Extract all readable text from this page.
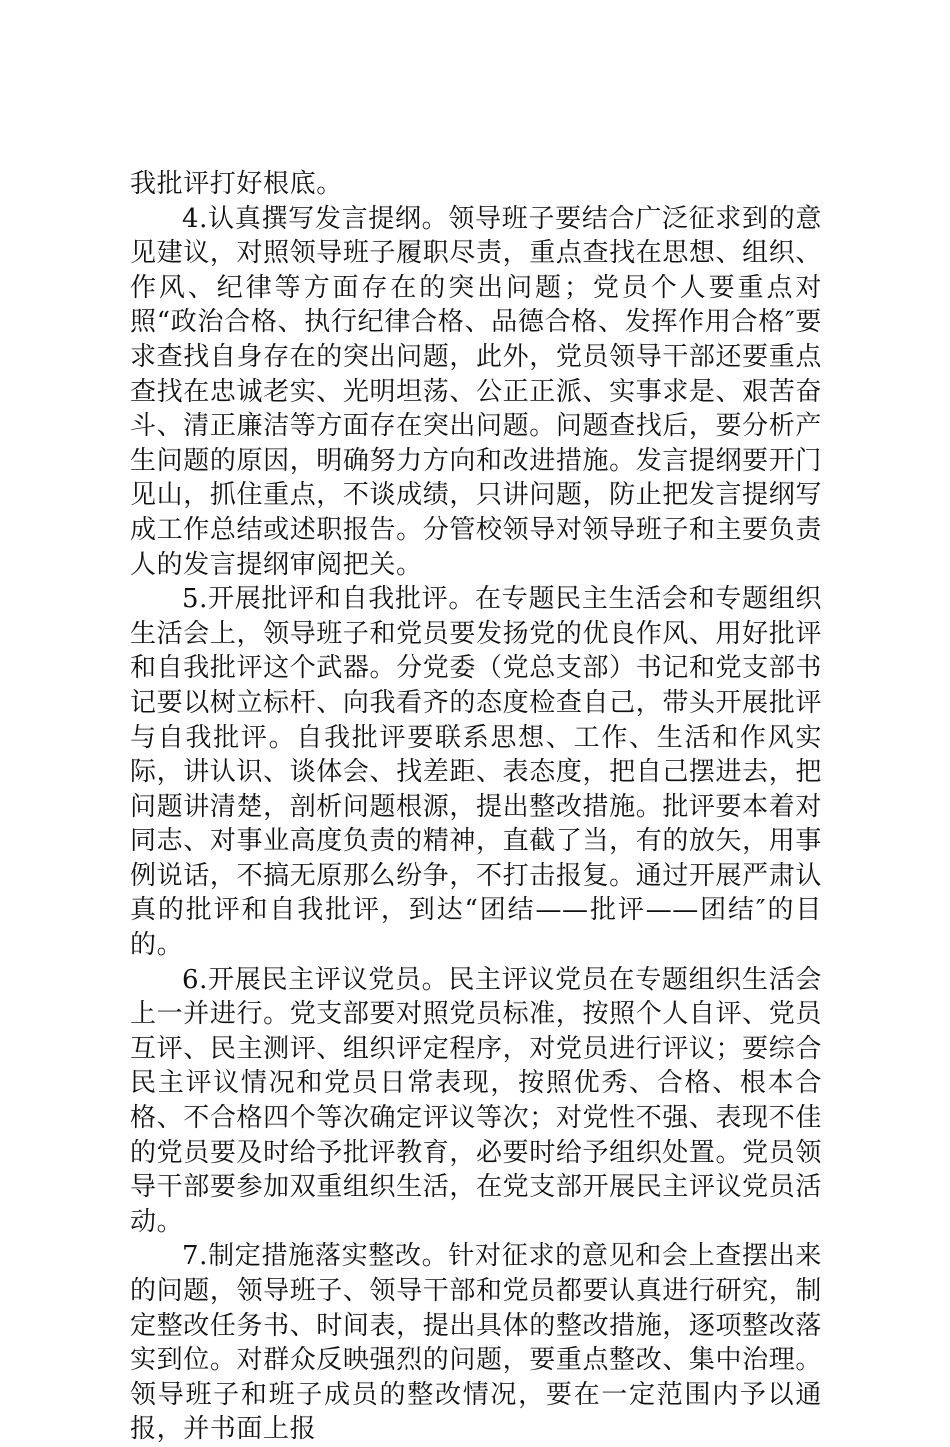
我批评打好根底。

4.认真撰写发言提纲。领导班子要结合广泛征求到的意见建议，对照领导班子履职尽责，重点查找在思想、组织、作风、纪律等方面存在的突出问题；党员个人要重点对照“政治合格、执行纪律合格、品德合格、发挥作用合格″要求查找自身存在的突出问题，此外，党员领导干部还要重点查找在忠诚老实、光明坦荡、公正正派、实事求是、艰苦奋斗、清正廉洁等方面存在突出问题。问题查找后，要分析产生问题的原因，明确努力方向和改进措施。发言提纲要开门见山，抓住重点，不谈成绩，只讲问题，防止把发言提纲写成工作总结或述职报告。分管校领导对领导班子和主要负责人的发言提纲审阅把关。

5.开展批评和自我批评。在专题民主生活会和专题组织生活会上，领导班子和党员要发扬党的优良作风、用好批评和自我批评这个武器。分党委（党总支部）书记和党支部书记要以树立标杆、向我看齐的态度检查自己，带头开展批评与自我批评。自我批评要联系思想、工作、生活和作风实际，讲认识、谈体会、找差距、表态度，把自己摆进去，把问题讲清楚，剖析问题根源，提出整改措施。批评要本着对同志、对事业高度负责的精神，直截了当，有的放矢，用事例说话，不搞无原那么纷争，不打击报复。通过开展严肃认真的批评和自我批评，到达“团结——批评——团结″的目的。

6.开展民主评议党员。民主评议党员在专题组织生活会上一并进行。党支部要对照党员标准，按照个人自评、党员互评、民主测评、组织评定程序，对党员进行评议；要综合民主评议情况和党员日常表现，按照优秀、合格、根本合格、不合格四个等次确定评议等次；对党性不强、表现不佳的党员要及时给予批评教育，必要时给予组织处置。党员领导干部要参加双重组织生活，在党支部开展民主评议党员活动。

7.制定措施落实整改。针对征求的意见和会上查摆出来的问题，领导班子、领导干部和党员都要认真进行研究，制定整改任务书、时间表，提出具体的整改措施，逐项整改落实到位。对群众反映强烈的问题，要重点整改、集中治理。领导班子和班子成员的整改情况，要在一定范围内予以通报，并书面上报
